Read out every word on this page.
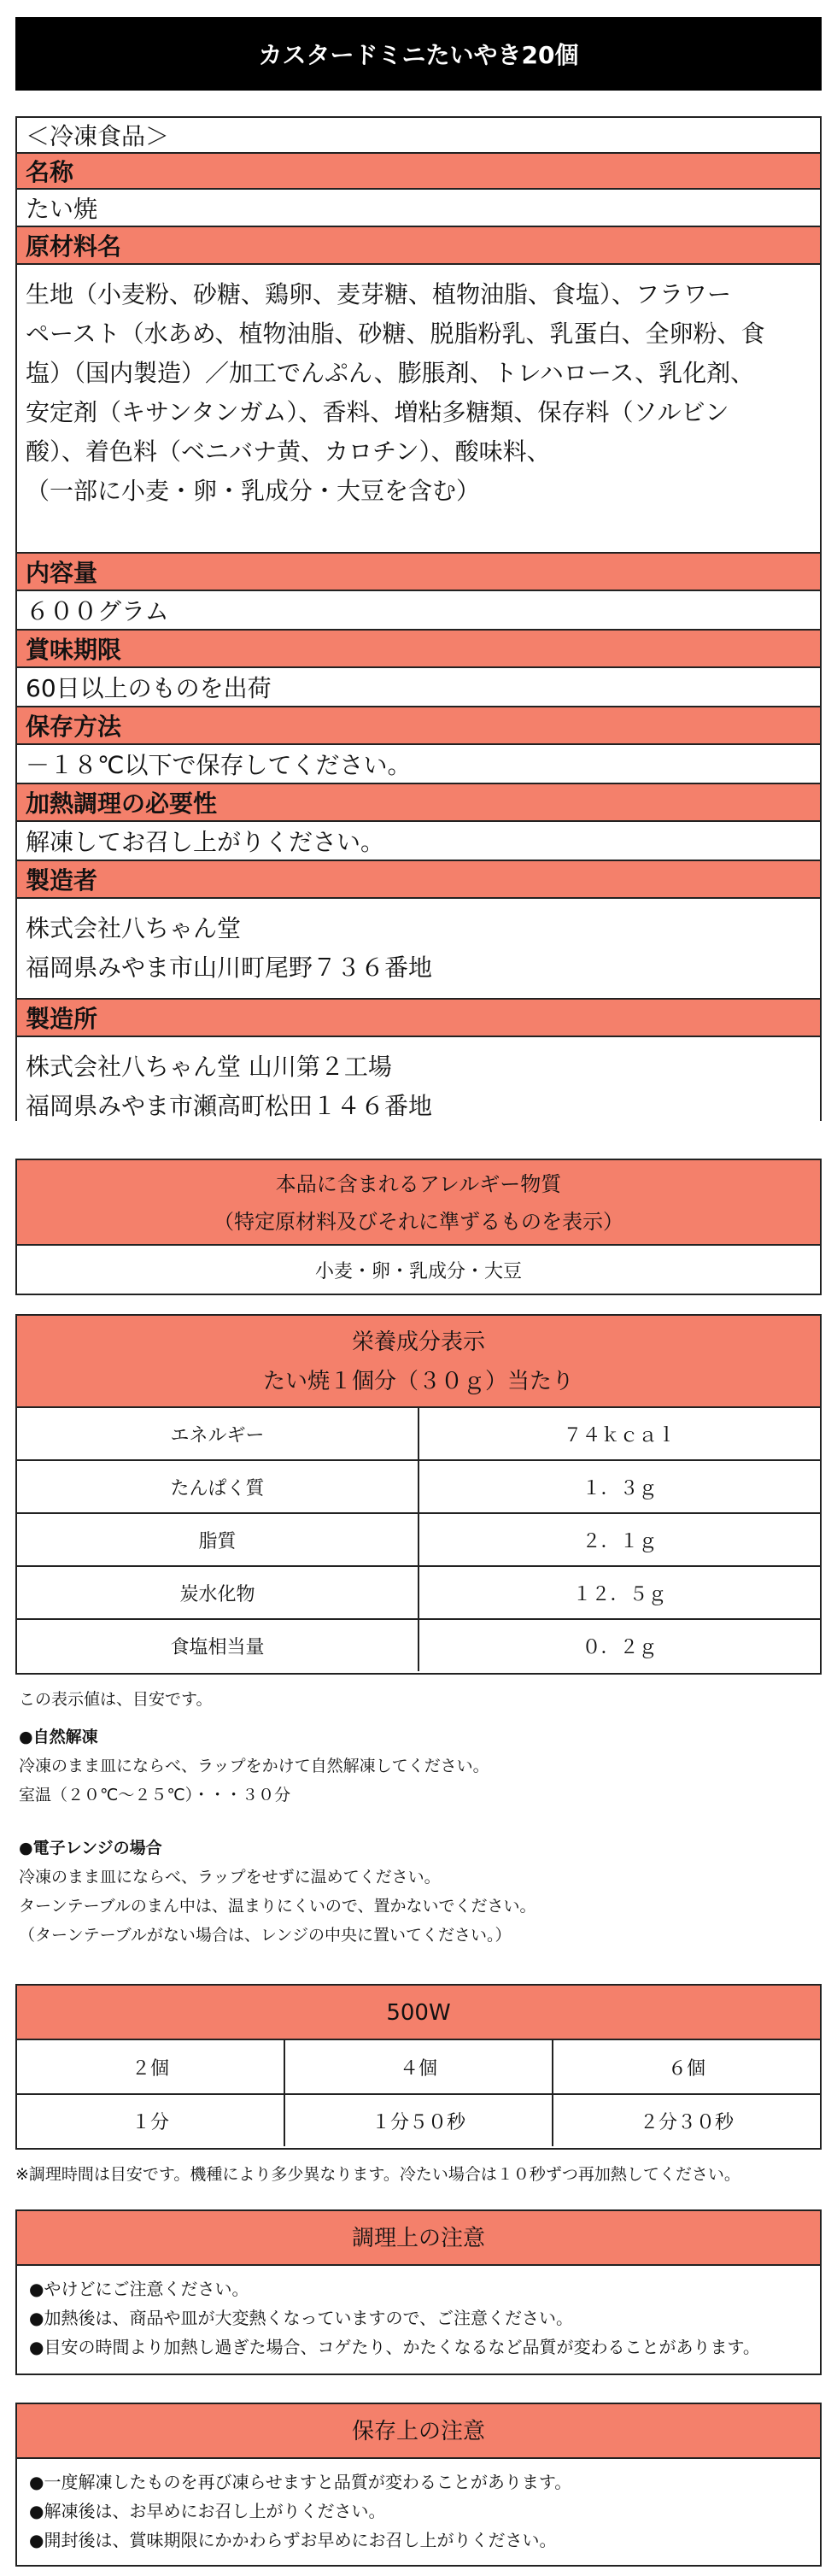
カスタードミニたいやき20個
＜冷凍食品＞
名称
たい焼
原材料名
生地（小麦粉、砂糖、鶏卵、麦芽糖、植物油脂、食塩）、フラワー
ペースト（水あめ、植物油脂、砂糖、脱脂粉乳、乳蛋白、全卵粉、食
塩）（国内製造）／加工でんぷん、膨脹剤、トレハロース、乳化剤、
安定剤（キサンタンガム）、香料、増粘多糖類、保存料（ソルビン
酸）、着色料（ベニバナ黄、カロチン）、酸味料、
（一部に小麦・卵・乳成分・大豆を含む）
内容量
６００グラム
賞味期限
60日以上のものを出荷
保存方法
－１８℃以下で保存してください。
加熱調理の必要性
解凍してお召し上がりください。
製造者
株式会社八ちゃん堂
福岡県みやま市山川町尾野７３６番地
製造所
株式会社八ちゃん堂 山川第２工場
福岡県みやま市瀬高町松田１４６番地
本品に含まれるアレルギー物質
（特定原材料及びそれに準ずるものを表示）
小麦・卵・乳成分・大豆
栄養成分表示
たい焼１個分（３０ｇ）当たり
エネルギー	７４ｋｃａｌ
たんぱく質	１．３ｇ
脂質	２．１ｇ
炭水化物	１２．５ｇ
食塩相当量	０．２ｇ
この表示値は、目安です。
●自然解凍
冷凍のまま皿にならべ、ラップをかけて自然解凍してください。
室温（２０℃～２５℃）・・・３０分
●電子レンジの場合
冷凍のまま皿にならべ、ラップをせずに温めてください。
ターンテーブルのまん中は、温まりにくいので、置かないでください。
（ターンテーブルがない場合は、レンジの中央に置いてください。）
500W
２個	４個	６個
１分	１分５０秒	２分３０秒
※調理時間は目安です。機種により多少異なります。冷たい場合は１０秒ずつ再加熱してください。
調理上の注意
●やけどにご注意ください。
●加熱後は、商品や皿が大変熱くなっていますので、ご注意ください。
●目安の時間より加熱し過ぎた場合、コゲたり、かたくなるなど品質が変わることがあります。
保存上の注意
●一度解凍したものを再び凍らせますと品質が変わることがあります。
●解凍後は、お早めにお召し上がりください。
●開封後は、賞味期限にかかわらずお早めにお召し上がりください。
